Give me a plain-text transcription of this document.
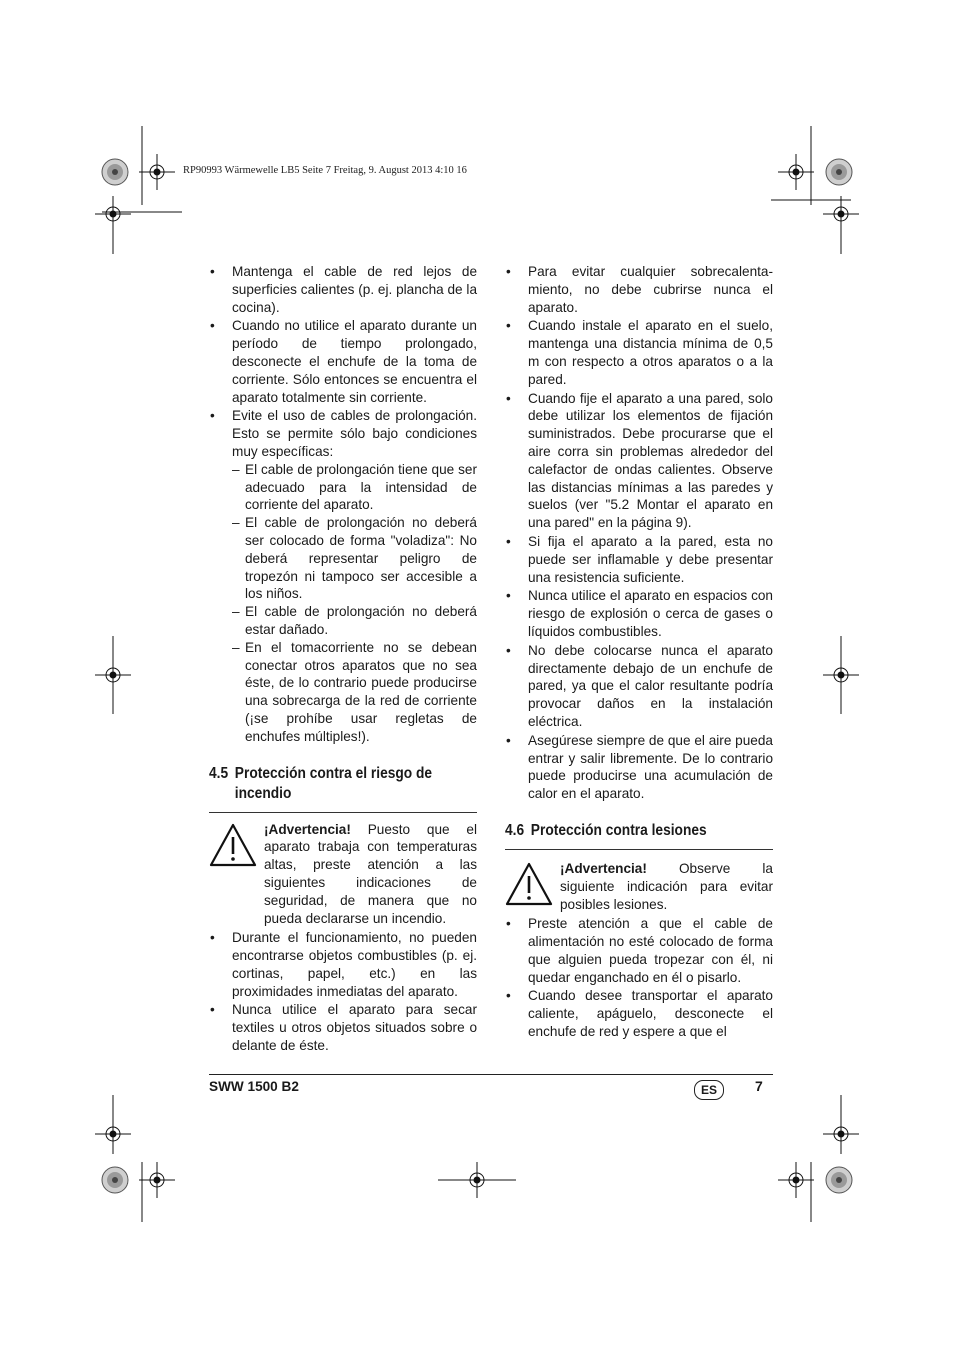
RP90993 Wärmewelle LB5 Seite 7 Freitag, 9. August 2013 4:10 16
• Mantenga el cable de red lejos de superficies calientes (p. ej. plancha de la cocina).
• Cuando no utilice el aparato durante un período de tiempo prolongado, desconecte el enchufe de la toma de corriente. Sólo entonces se encuentra el aparato totalmente sin corriente.
• Evite el uso de cables de prolongación. Esto se permite sólo bajo condiciones muy específicas:
– El cable de prolongación tiene que ser adecuado para la intensidad de corriente del aparato.
– El cable de prolongación no deberá ser colocado de forma "voladiza": No deberá representar peligro de tropezón ni tampoco ser accesible a los niños.
– El cable de prolongación no deberá estar dañado.
– En el tomacorriente no se debean conectar otros aparatos que no sea éste, de lo contrario puede producirse una sobrecarga de la red de corriente (¡se prohíbe usar regletas de enchufes múltiples!).
4.5 Protección contra el riesgo de
incendio
¡Advertencia! Puesto que el aparato trabaja con temperaturas altas, preste atención a las siguientes indicaciones de seguridad, de manera que no pueda declararse un incendio.
• Durante el funcionamiento, no pueden encontrarse objetos combustibles (p. ej. cortinas, papel, etc.) en las proximidades inmediatas del aparato.
• Nunca utilice el aparato para secar textiles u otros objetos situados sobre o delante de éste.
• Para evitar cualquier sobrecalenta-miento, no debe cubrirse nunca el aparato.
• Cuando instale el aparato en el suelo, mantenga una distancia mínima de 0,5 m con respecto a otros aparatos o a la pared.
• Cuando fije el aparato a una pared, solo debe utilizar los elementos de fijación suministrados. Debe procurarse que el aire corra sin problemas alrededor del calefactor de ondas calientes. Observe las distancias mínimas a las paredes y suelos (ver "5.2 Montar el aparato en una pared" en la página 9).
• Si fija el aparato a la pared, esta no puede ser inflamable y debe presentar una resistencia suficiente.
• Nunca utilice el aparato en espacios con riesgo de explosión o cerca de gases o líquidos combustibles.
• No debe colocarse nunca el aparato directamente debajo de un enchufe de pared, ya que el calor resultante podría provocar daños en la instalación eléctrica.
• Asegúrese siempre de que el aire pueda entrar y salir libremente. De lo contrario puede producirse una acumulación de calor en el aparato.
4.6 Protección contra lesiones
¡Advertencia! Observe la siguiente indicación para evitar posibles lesiones.
• Preste atención a que el cable de alimentación no esté colocado de forma que alguien pueda tropezar con él, ni quedar enganchado en él o pisarlo.
• Cuando desee transportar el aparato caliente, apáguelo, desconecte el enchufe de red y espere a que el
SWW 1500 B2	ES	7
